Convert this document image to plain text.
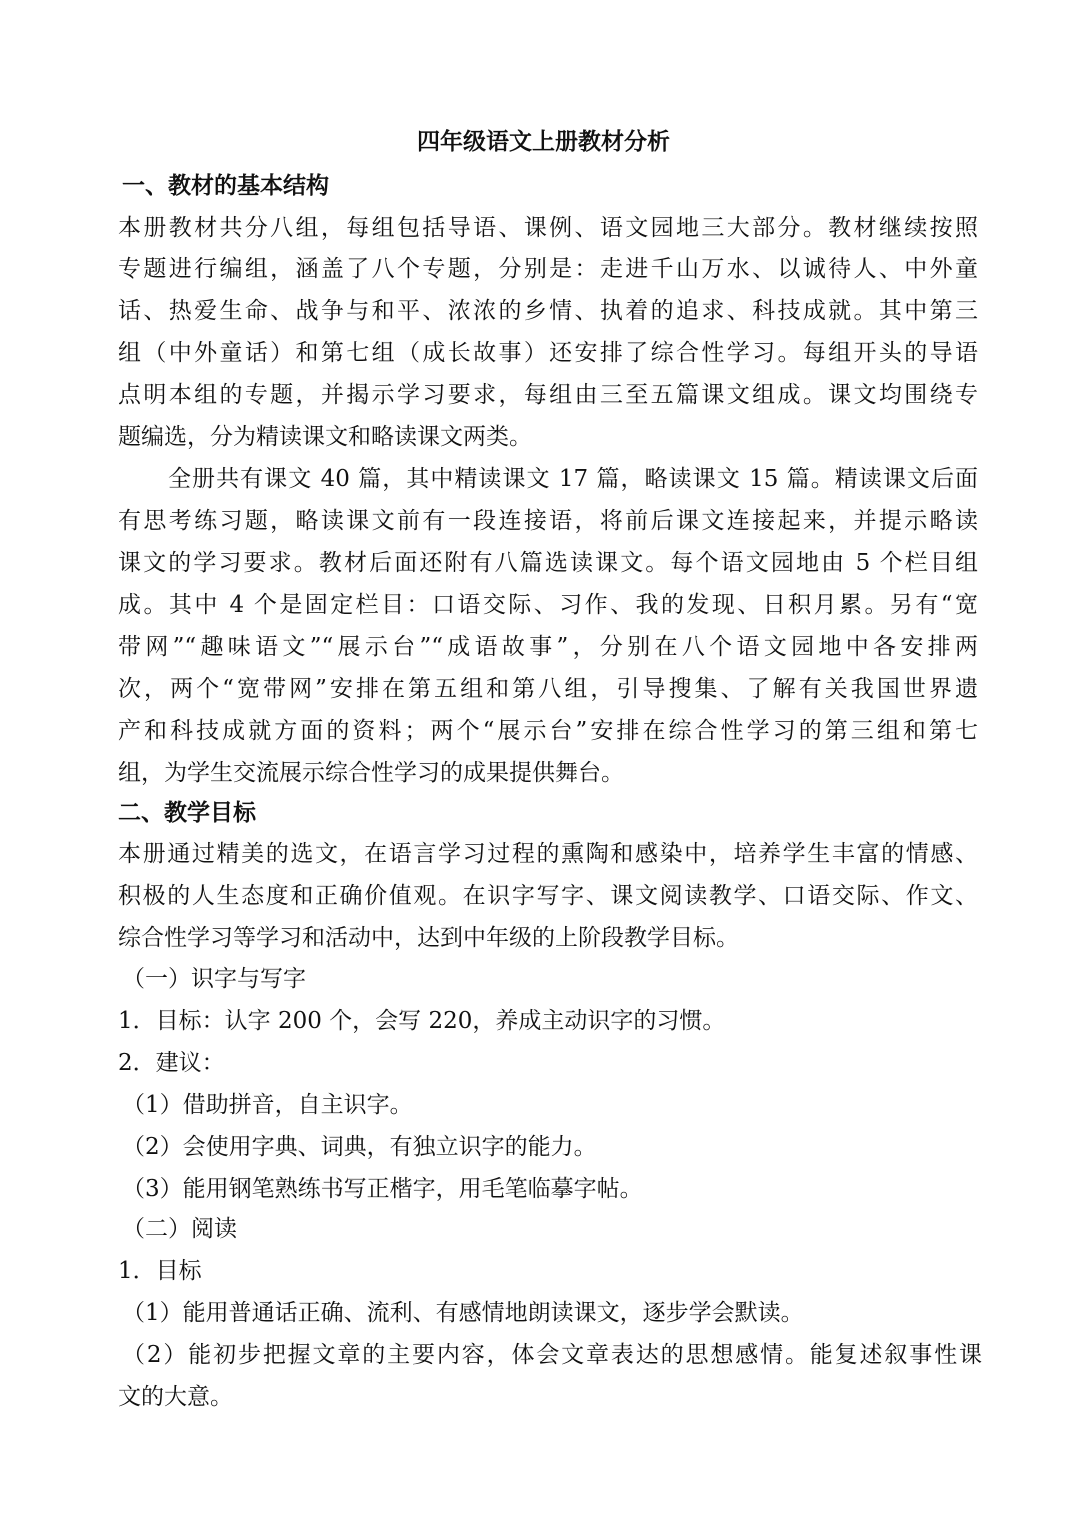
四年级语文上册教材分析
一、教材的基本结构
本册教材共分八组，每组包括导语、课例、语文园地三大部分。教材继续按照
专题进行编组，涵盖了八个专题，分别是：走进千山万水、以诚待人、中外童
话、热爱生命、战争与和平、浓浓的乡情、执着的追求、科技成就。其中第三
组（中外童话）和第七组（成长故事）还安排了综合性学习。每组开头的导语
点明本组的专题，并揭示学习要求，每组由三至五篇课文组成。课文均围绕专
题编选，分为精读课文和略读课文两类。
全册共有课文 40 篇，其中精读课文 17 篇，略读课文 15 篇。精读课文后面
有思考练习题，略读课文前有一段连接语，将前后课文连接起来，并提示略读
课文的学习要求。教材后面还附有八篇选读课文。每个语文园地由 5 个栏目组
成。其中 4 个是固定栏目：口语交际、习作、我的发现、日积月累。另有“宽
带网”“趣味语文”“展示台”“成语故事”，分别在八个语文园地中各安排两
次，两个“宽带网”安排在第五组和第八组，引导搜集、了解有关我国世界遗
产和科技成就方面的资料；两个“展示台”安排在综合性学习的第三组和第七
组，为学生交流展示综合性学习的成果提供舞台。
二、教学目标
本册通过精美的选文，在语言学习过程的熏陶和感染中，培养学生丰富的情感、
积极的人生态度和正确价值观。在识字写字、课文阅读教学、口语交际、作文、
综合性学习等学习和活动中，达到中年级的上阶段教学目标。
（一）识字与写字
1．目标：认字 200 个，会写 220，养成主动识字的习惯。
2．建议：
（1）借助拼音，自主识字。
（2）会使用字典、词典，有独立识字的能力。
（3）能用钢笔熟练书写正楷字，用毛笔临摹字帖。
（二）阅读
1．目标
（1）能用普通话正确、流利、有感情地朗读课文，逐步学会默读。
（2）能初步把握文章的主要内容，体会文章表达的思想感情。能复述叙事性课
文的大意。
